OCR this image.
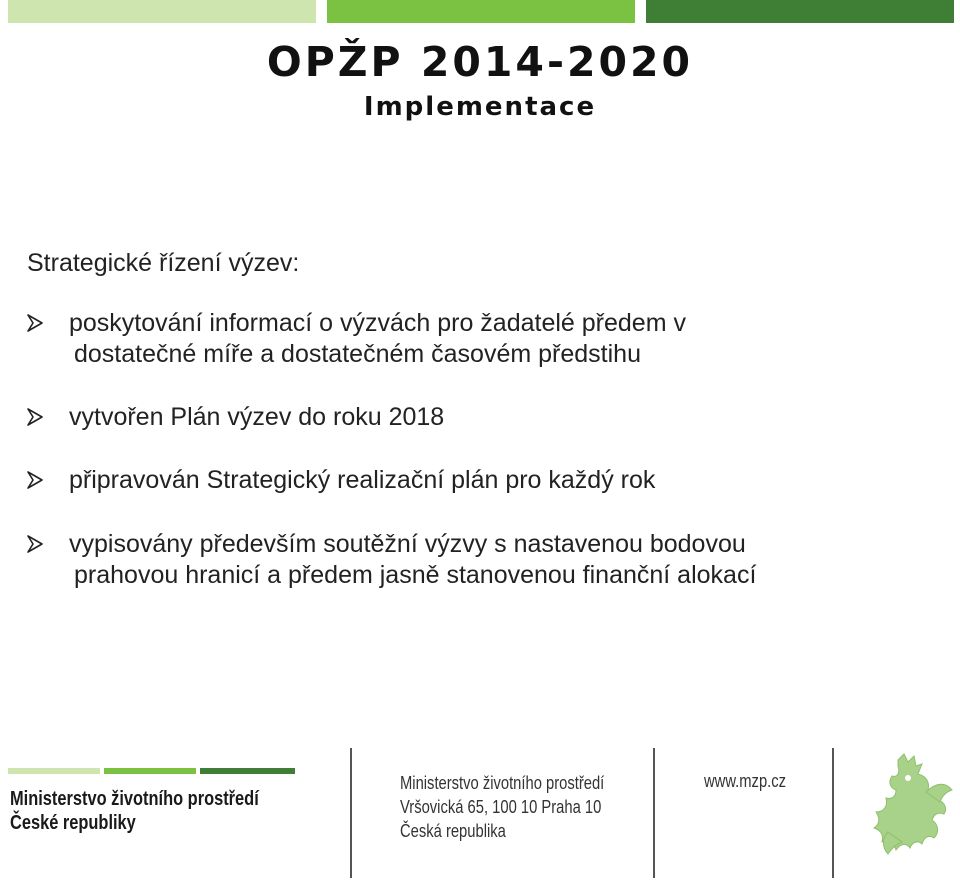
OPŽP 2014-2020
Implementace
Strategické řízení výzev:
poskytování informací o výzvách pro žadatelé předem v
dostatečné míře a dostatečném časovém předstihu
vytvořen Plán výzev do roku 2018
připravován Strategický realizační plán pro každý rok
vypisovány především soutěžní výzvy s nastavenou bodovou
prahovou hranicí a předem jasně stanovenou finanční alokací
Ministerstvo životního prostředí
České republiky
Ministerstvo životního prostředí
Vršovická 65, 100 10 Praha 10
Česká republika
www.mzp.cz
